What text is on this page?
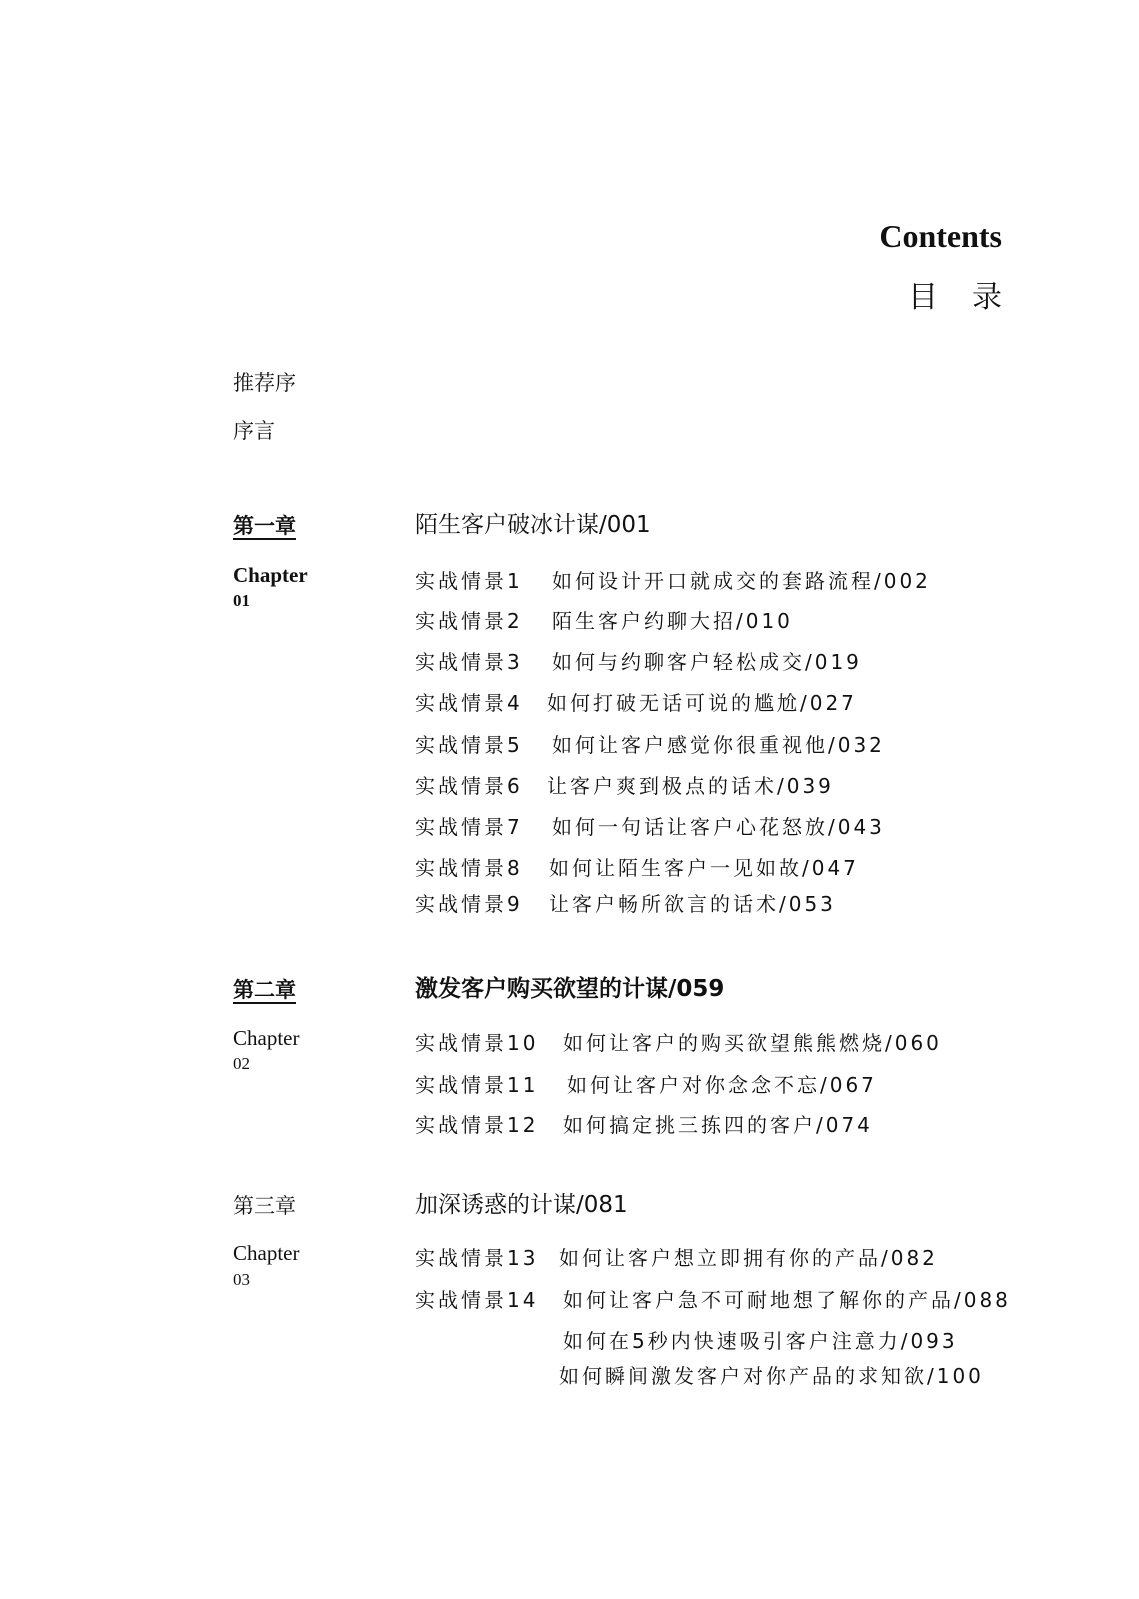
Contents
目录
推荐序
序言
第一章	陌生客户破冰计谋/001
Chapter
01
实战情景1 如何设计开口就成交的套路流程/002
实战情景2 陌生客户约聊大招/010
实战情景3 如何与约聊客户轻松成交/019
实战情景4 如何打破无话可说的尴尬/027
实战情景5 如何让客户感觉你很重视他/032
实战情景6 让客户爽到极点的话术/039
实战情景7 如何一句话让客户心花怒放/043
实战情景8 如何让陌生客户一见如故/047
实战情景9 让客户畅所欲言的话术/053
第二章	激发客户购买欲望的计谋/059
Chapter
02
实战情景10 如何让客户的购买欲望熊熊燃烧/060
实战情景11 如何让客户对你念念不忘/067
实战情景12 如何搞定挑三拣四的客户/074
第三章	加深诱惑的计谋/081
Chapter
03
实战情景13 如何让客户想立即拥有你的产品/082
实战情景14 如何让客户急不可耐地想了解你的产品/088
如何在5秒内快速吸引客户注意力/093
如何瞬间激发客户对你产品的求知欲/100
